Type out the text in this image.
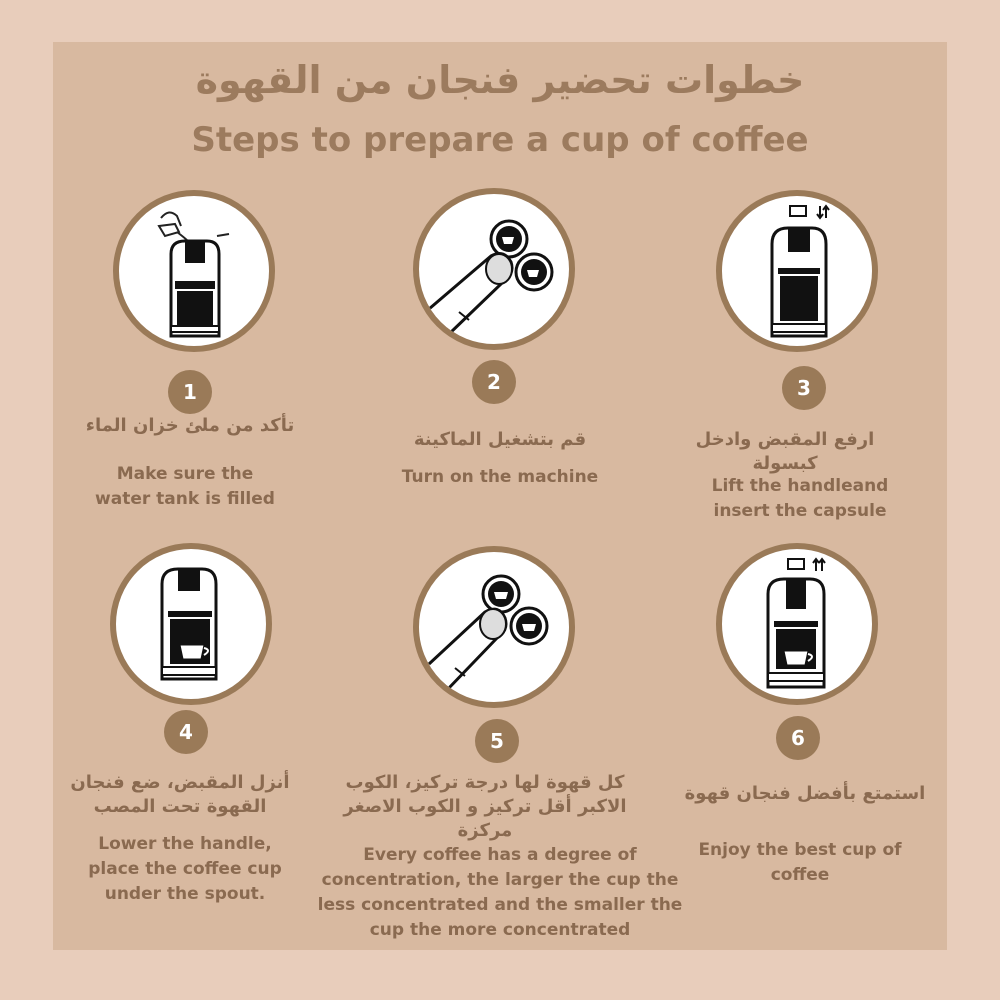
خطوات تحضير فنجان من القهوة
Steps to prepare a cup of coffee
1
تأكد من ملئ خزان الماء
Make sure the water tank is filled
2
قم بتشغيل الماكينة
Turn on the machine
3
ارفع المقبض وادخل كبسولة
Lift the handleand insert the capsule
4
أنزل المقبض، ضع فنجان القهوة تحت المصب
Lower the handle, place the coffee cup under the spout.
5
كل قهوة لها درجة تركيز، الكوب الاكبر أقل تركيز و الكوب الاصغر مركزة
Every coffee has a degree of concentration, the larger the cup the less concentrated and the smaller the cup the more concentrated
6
استمتع بأفضل فنجان قهوة
Enjoy the best cup of coffee
